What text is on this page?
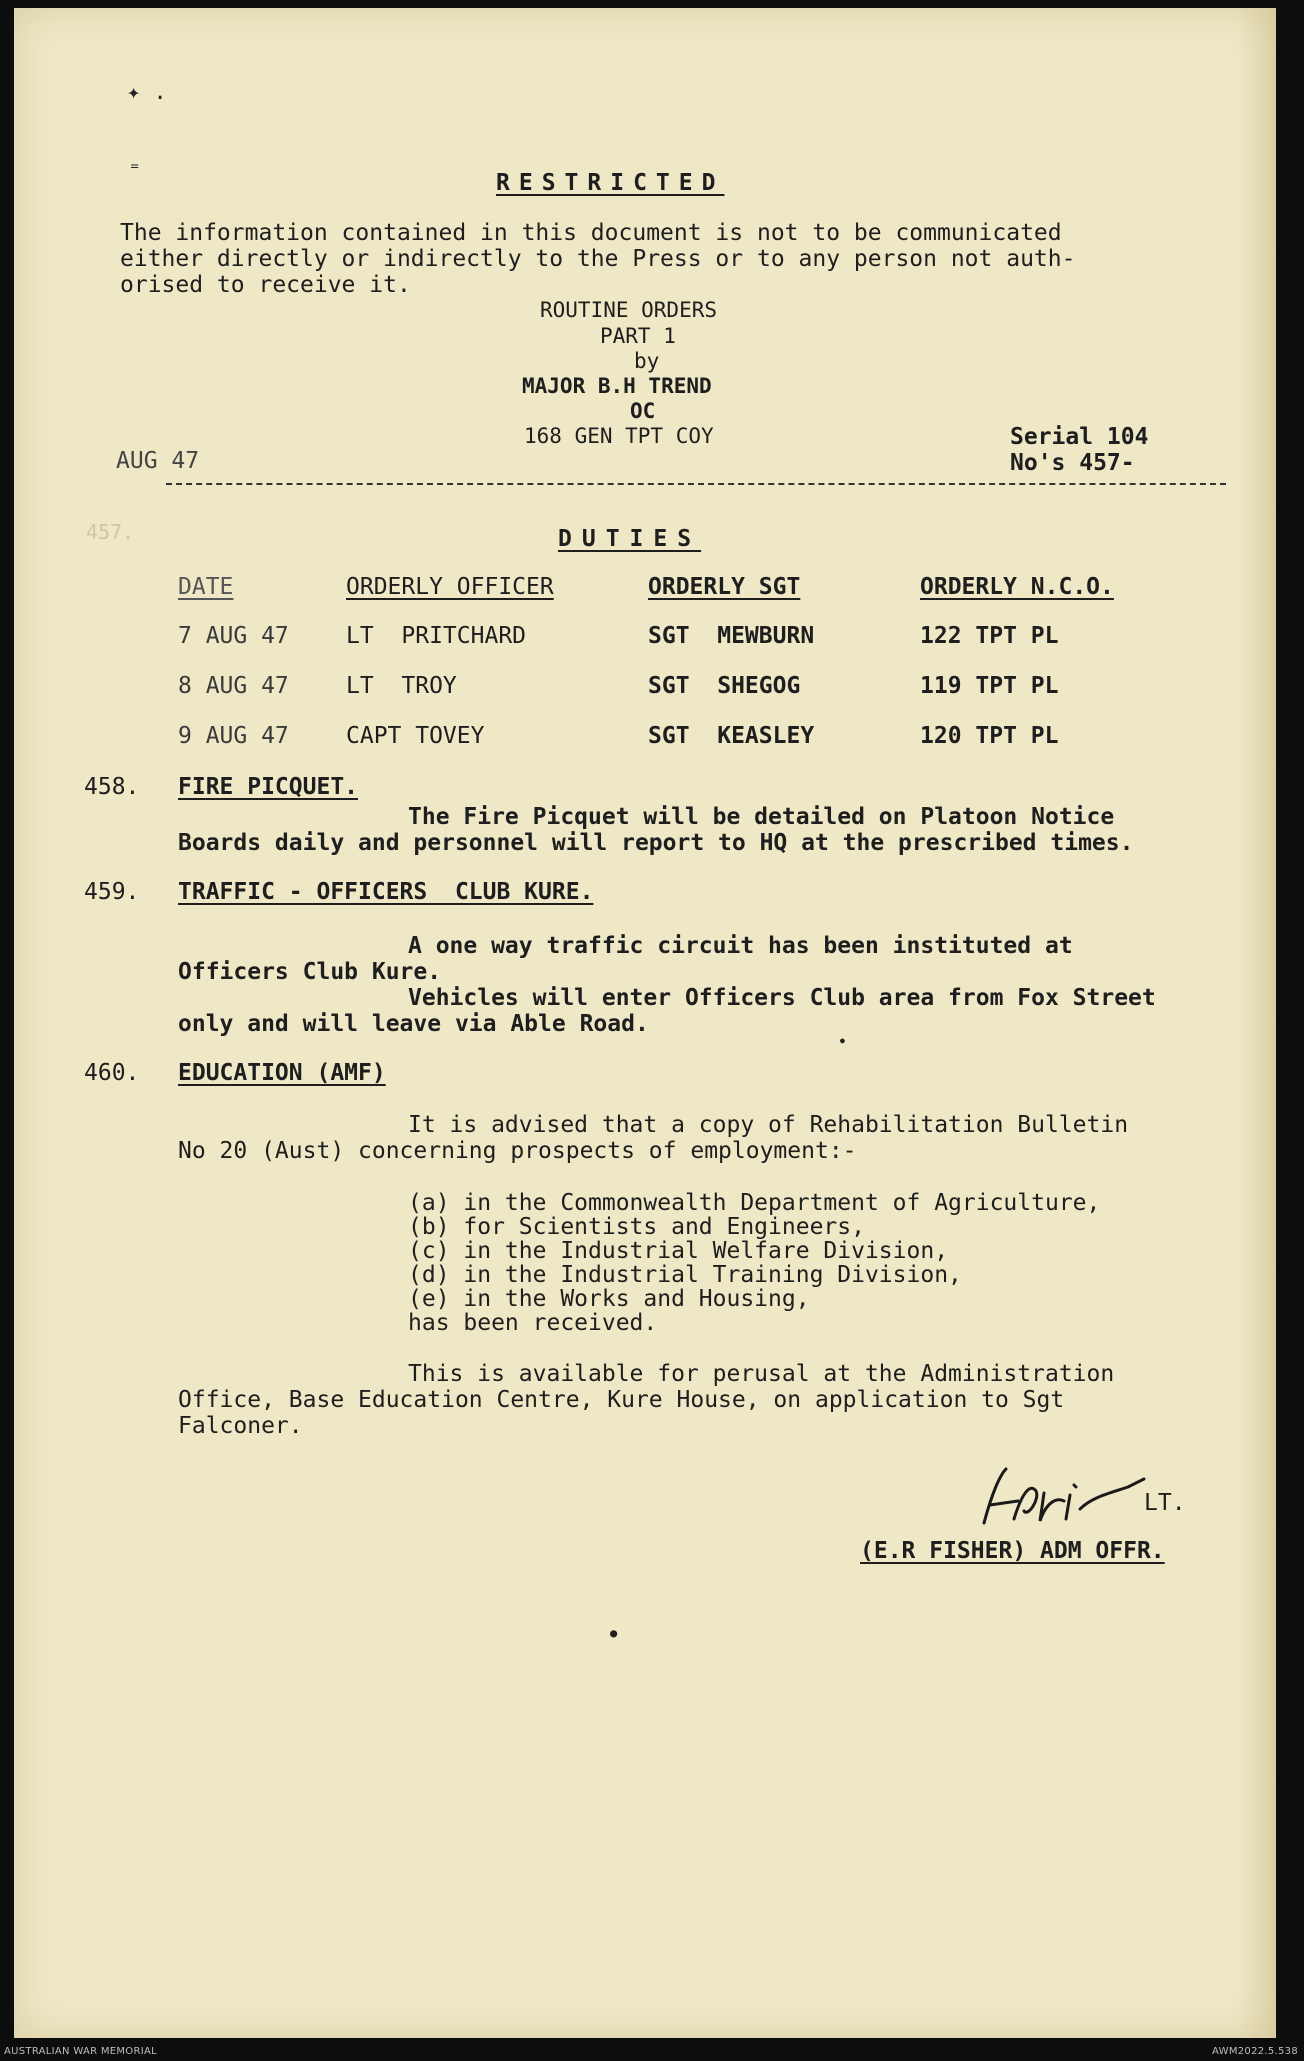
✦ .
⁼	RESTRICTED
The information contained in this document is not to be communicated
either directly or indirectly to the Press or to any person not auth-
orised to receive it.
ROUTINE ORDERS
PART 1
by
MAJOR B.H TREND
OC
168 GEN TPT COY
AUG 47
Serial 104
No's 457-
457.	DUTIES
DATE	ORDERLY OFFICER	ORDERLY SGT	ORDERLY N.C.O.
7 AUG 47 LT  PRITCHARD	SGT  MEWBURN	122 TPT PL
8 AUG 47 LT  TROY	SGT  SHEGOG	119 TPT PL
9 AUG 47 CAPT TOVEY	SGT  KEASLEY	120 TPT PL
458. FIRE PICQUET.
The Fire Picquet will be detailed on Platoon Notice
Boards daily and personnel will report to HQ at the prescribed times.
459. TRAFFIC - OFFICERS  CLUB KURE.
A one way traffic circuit has been instituted at
Officers Club Kure.
Vehicles will enter Officers Club area from Fox Street
only and will leave via Able Road.
460. EDUCATION (AMF)
It is advised that a copy of Rehabilitation Bulletin
No 20 (Aust) concerning prospects of employment:-
(a) in the Commonwealth Department of Agriculture,
(b) for Scientists and Engineers,
(c) in the Industrial Welfare Division,
(d) in the Industrial Training Division,
(e) in the Works and Housing,
has been received.
This is available for perusal at the Administration
Office, Base Education Centre, Kure House, on application to Sgt
Falconer.
LT.
(E.R FISHER) ADM OFFR.
●
●
AUSTRALIAN WAR MEMORIAL	AWM2022.5.538
